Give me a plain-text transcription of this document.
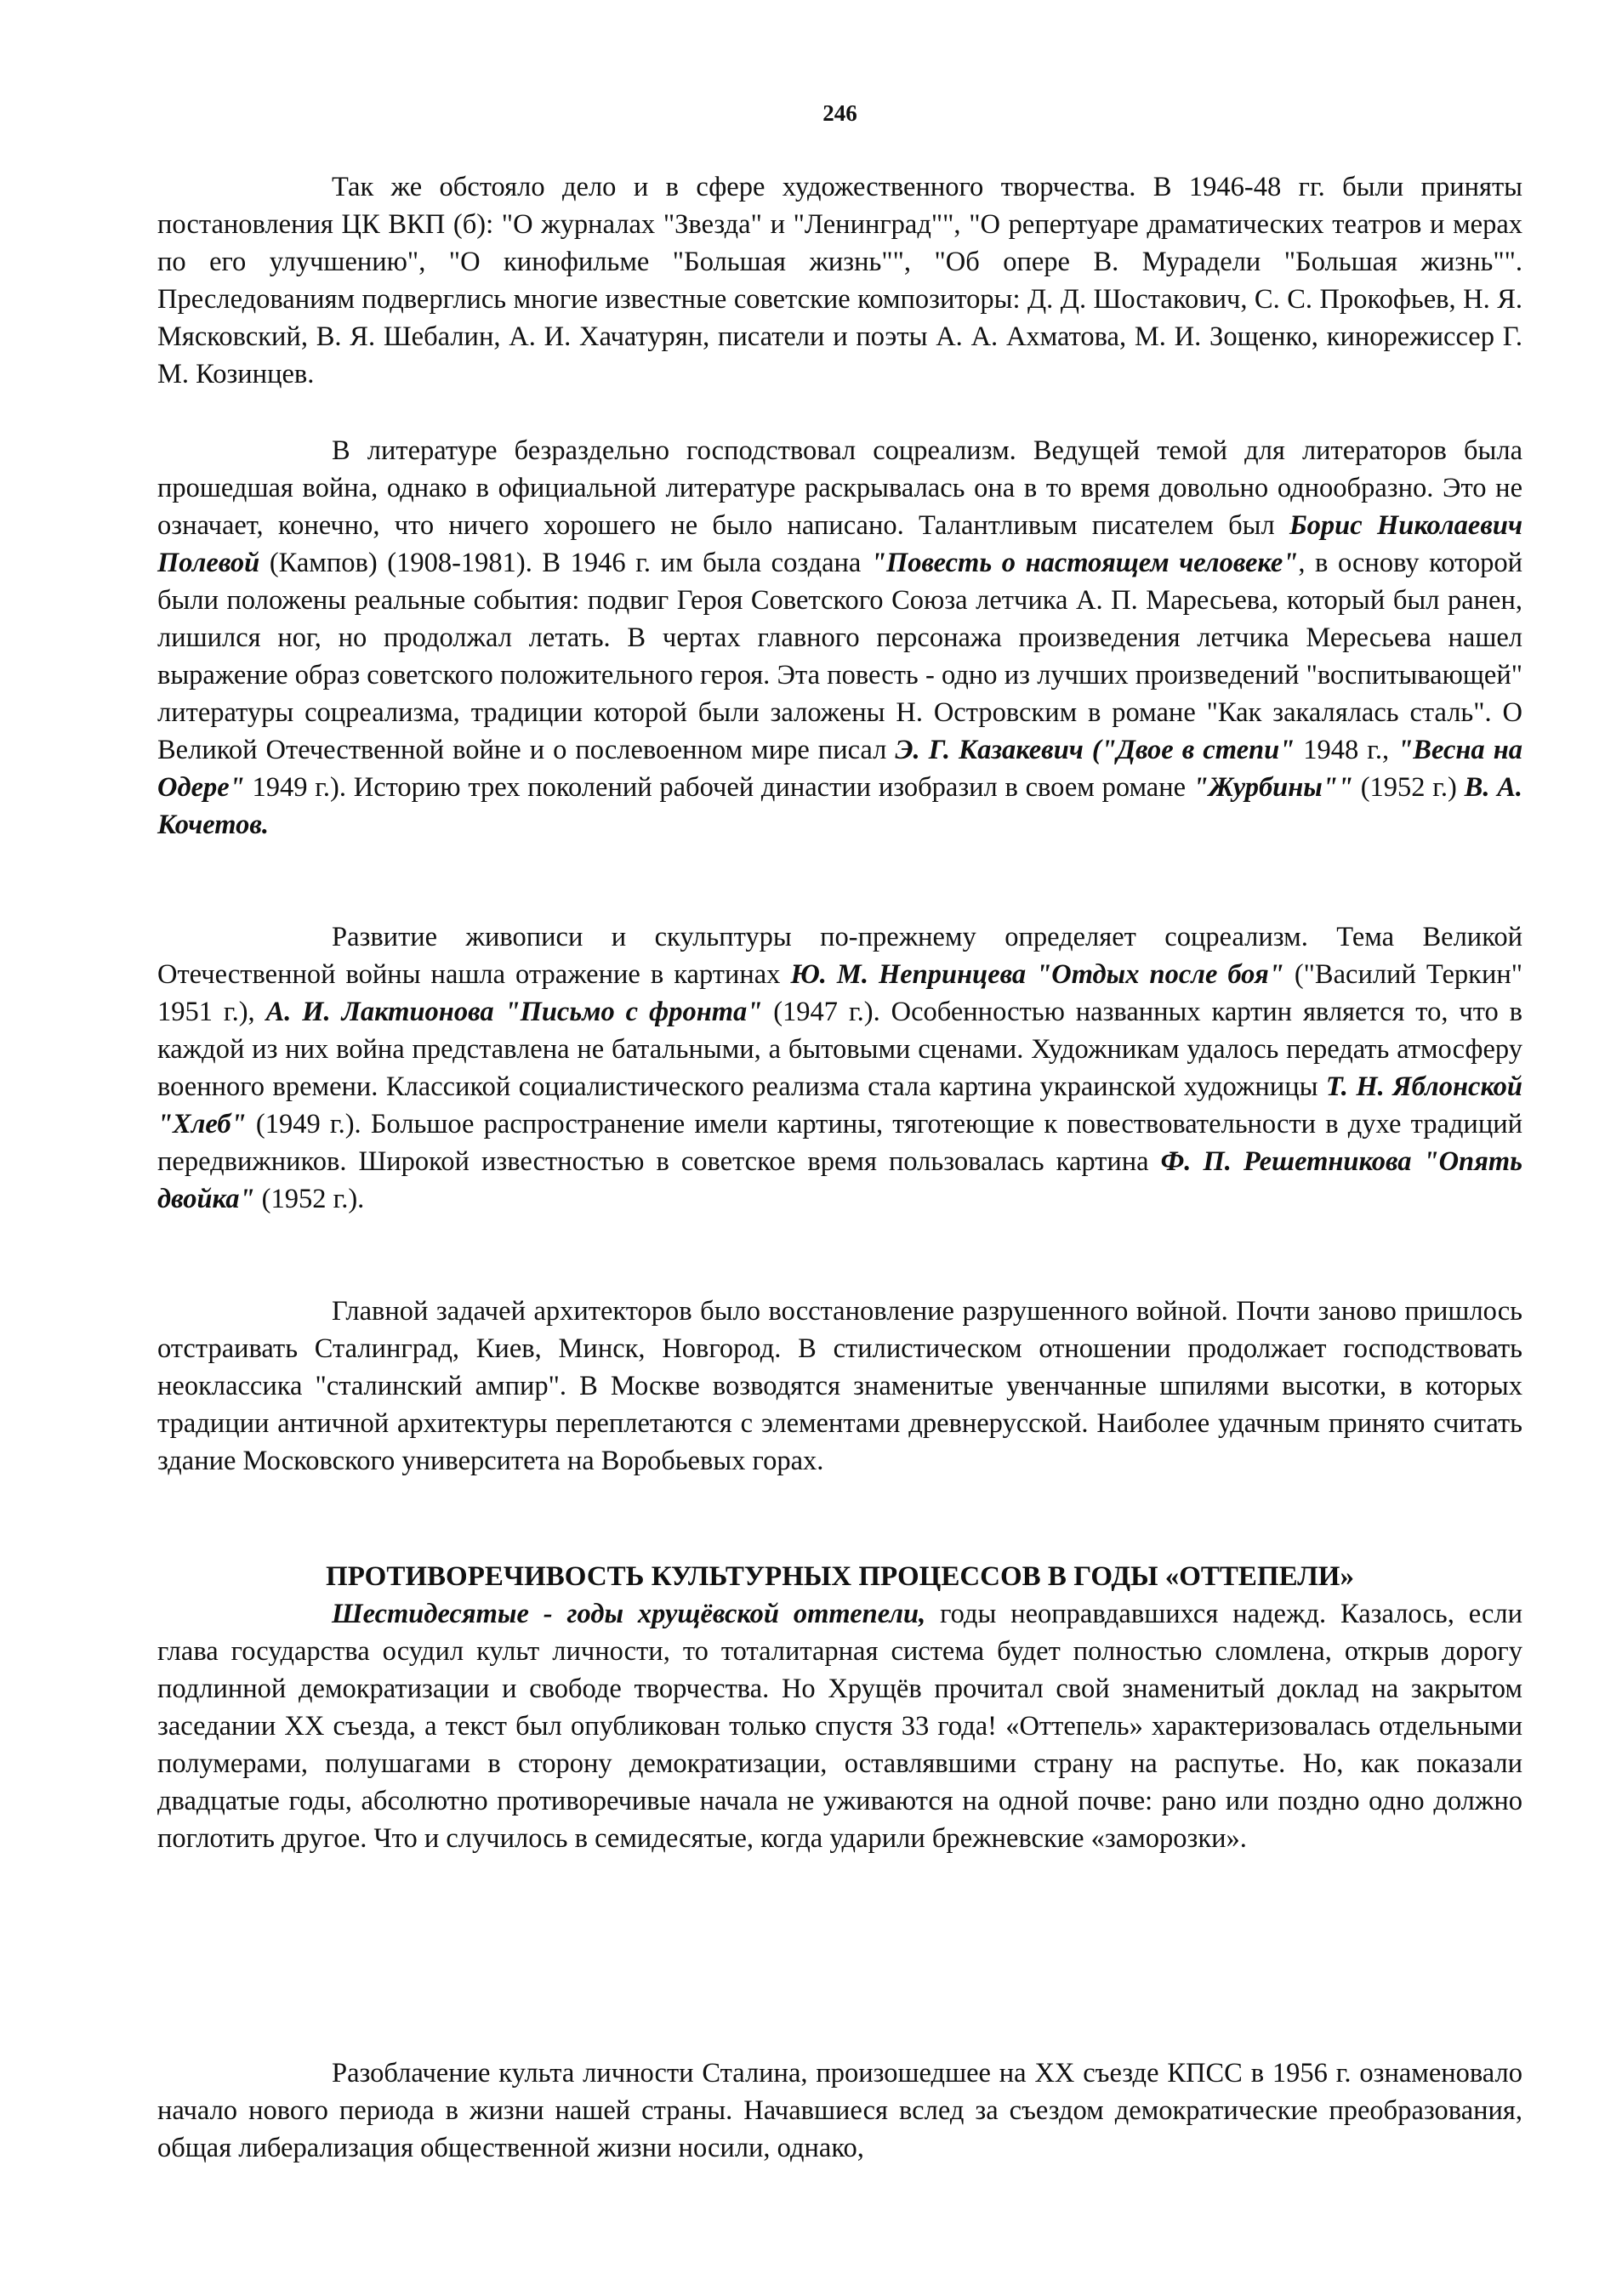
246

Так же обстояло дело и в сфере художественного творчества. В 1946-48 гг. были приняты постановления ЦК ВКП (б): "О журналах "Звезда" и "Ленинград"", "О репертуаре драматических театров и мерах по его улучшению", "О кинофильме "Большая жизнь"", "Об опере В. Мурадели "Большая жизнь"". Преследованиям подверглись многие известные советские композиторы: Д. Д. Шостакович, С. С. Прокофьев, Н. Я. Мясковский, В. Я. Шебалин, А. И. Хачатурян, писатели и поэты А. А. Ахматова, М. И. Зощенко, кинорежиссер Г. М. Козинцев.

В литературе безраздельно господствовал соцреализм. Ведущей темой для литераторов была прошедшая война, однако в официальной литературе раскрывалась она в то время довольно однообразно. Это не означает, конечно, что ничего хорошего не было написано. Талантливым писателем был Борис Николаевич Полевой (Кампов) (1908-1981). В 1946 г. им была создана "Повесть о настоящем человеке", в основу которой были положены реальные события: подвиг Героя Советского Союза летчика А. П. Маресьева, который был ранен, лишился ног, но продолжал летать. В чертах главного персонажа произведения летчика Мересьева нашел выражение образ советского положительного героя. Эта повесть - одно из лучших произведений "воспитывающей" литературы соцреализма, традиции которой были заложены Н. Островским в романе "Как закалялась сталь". О Великой Отечественной войне и о послевоенном мире писал Э. Г. Казакевич ("Двое в степи" 1948 г., "Весна на Одере" 1949 г.). Историю трех поколений рабочей династии изобразил в своем романе "Журбины"" (1952 г.) В. А. Кочетов.

Развитие живописи и скульптуры по-прежнему определяет соцреализм. Тема Великой Отечественной войны нашла отражение в картинах Ю. М. Непринцева "Отдых после боя" ("Василий Теркин" 1951 г.), А. И. Лактионова "Письмо с фронта" (1947 г.). Особенностью названных картин является то, что в каждой из них война представлена не батальными, а бытовыми сценами. Художникам удалось передать атмосферу военного времени. Классикой социалистического реализма стала картина украинской художницы Т. Н. Яблонской "Хлеб" (1949 г.). Большое распространение имели картины, тяготеющие к повествовательности в духе традиций передвижников. Широкой известностью в советское время пользовалась картина Ф. П. Решетникова "Опять двойка" (1952 г.).

Главной задачей архитекторов было восстановление разрушенного войной. Почти заново пришлось отстраивать Сталинград, Киев, Минск, Новгород. В стилистическом отношении продолжает господствовать неоклассика "сталинский ампир". В Москве возводятся знаменитые увенчанные шпилями высотки, в которых традиции античной архитектуры переплетаются с элементами древнерусской. Наиболее удачным принято считать здание Московского университета на Воробьевых горах.

ПРОТИВОРЕЧИВОСТЬ КУЛЬТУРНЫХ ПРОЦЕССОВ В ГОДЫ «ОТТЕПЕЛИ»

Шестидесятые - годы хрущёвской оттепели, годы неоправдавшихся надежд. Казалось, если глава государства осудил культ личности, то тоталитарная система будет полностью сломлена, открыв дорогу подлинной демократизации и свободе творчества. Но Хрущёв прочитал свой знаменитый доклад на закрытом заседании XX съезда, а текст был опубликован только спустя 33 года! «Оттепель» характеризовалась отдельными полумерами, полушагами в сторону демократизации, оставлявшими страну на распутье. Но, как показали двадцатые годы, абсолютно противоречивые начала не уживаются на одной почве: рано или поздно одно должно поглотить другое. Что и случилось в семидесятые, когда ударили брежневские «заморозки».

Разоблачение культа личности Сталина, произошедшее на XX съезде КПСС в 1956 г. ознаменовало начало нового периода в жизни нашей страны. Начавшиеся вслед за съездом демократические преобразования, общая либерализация общественной жизни носили, однако,
